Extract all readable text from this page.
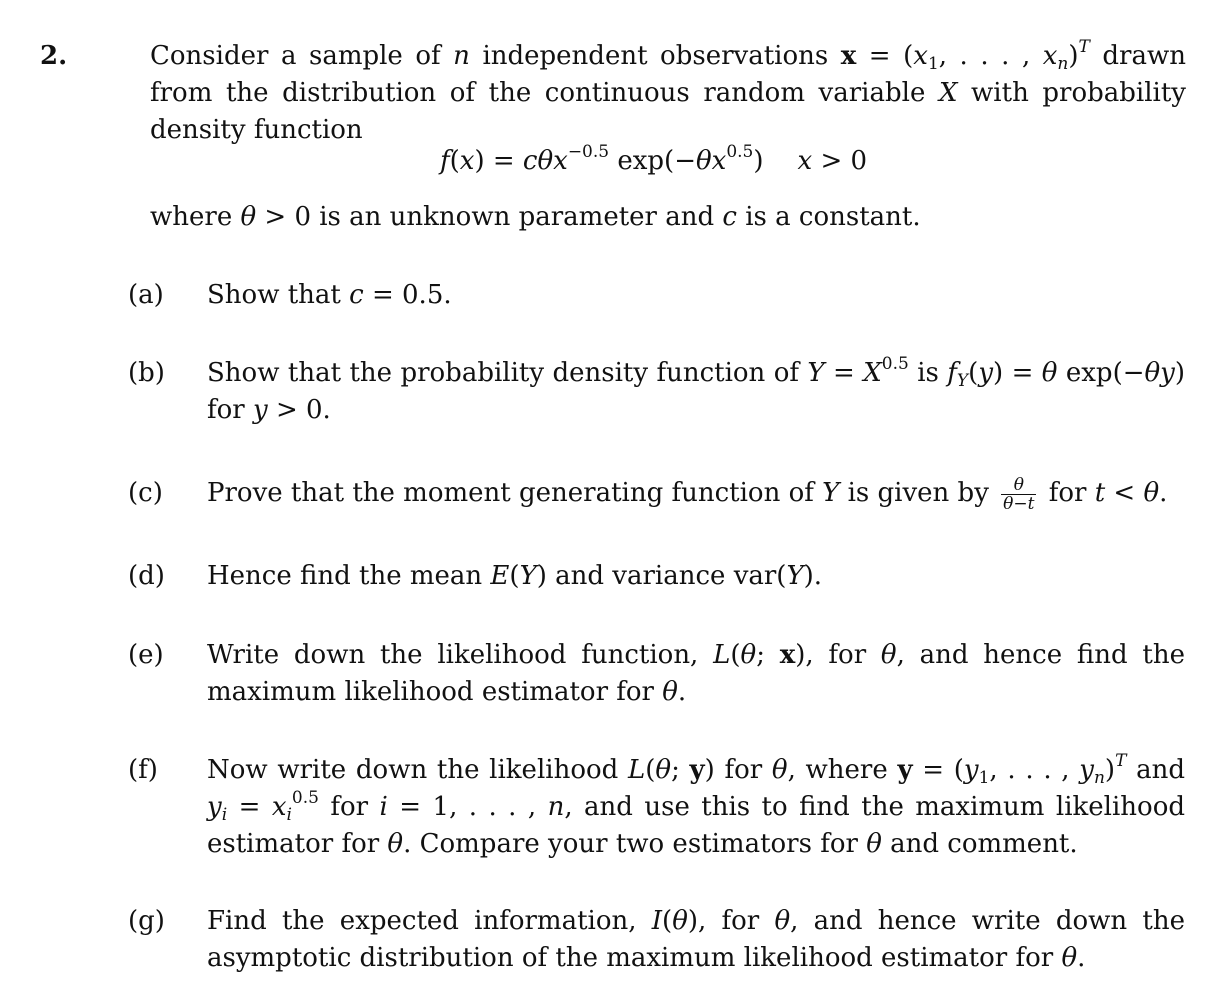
2.	Consider a sample of n independent observations $x = (x_1$, . . . , $x_n)^T$ drawn from the distribution of the continuous random variable X with probability density function

f(x) = cθx$^{-0.5}$ $\exp(-\theta x^{0.5}) x > 0$
where θ > 0 is an unknown parameter and c is a constant.
(a) Show that c = 0.5.

(b) Show that the probability density function of $Y = X^{0.5}$ is $f_Y(y) = \theta$ exp(−θy) for y > 0.

(c) Prove that the moment generating function of Y is given by $\frac{\theta}{\theta-t}$ for t < θ.

(d) Hence find the mean E(Y) and variance var(Y).

(e) Write down the likelihood function, L(θ; x), for θ, and hence find the maximum likelihood estimator for θ.

(f) Now write down the likelihood L(θ; y) for θ, where $y = (y_1$, . . . , $y_n)^T$ and $y_i = x_i^{0.5}$ for i = 1, . . . , n, and use this to find the maximum likelihood estimator for θ. Compare your two estimators for θ and comment.

(g) Find the expected information, I(θ), for θ, and hence write down the asymptotic distribution of the maximum likelihood estimator for θ.
